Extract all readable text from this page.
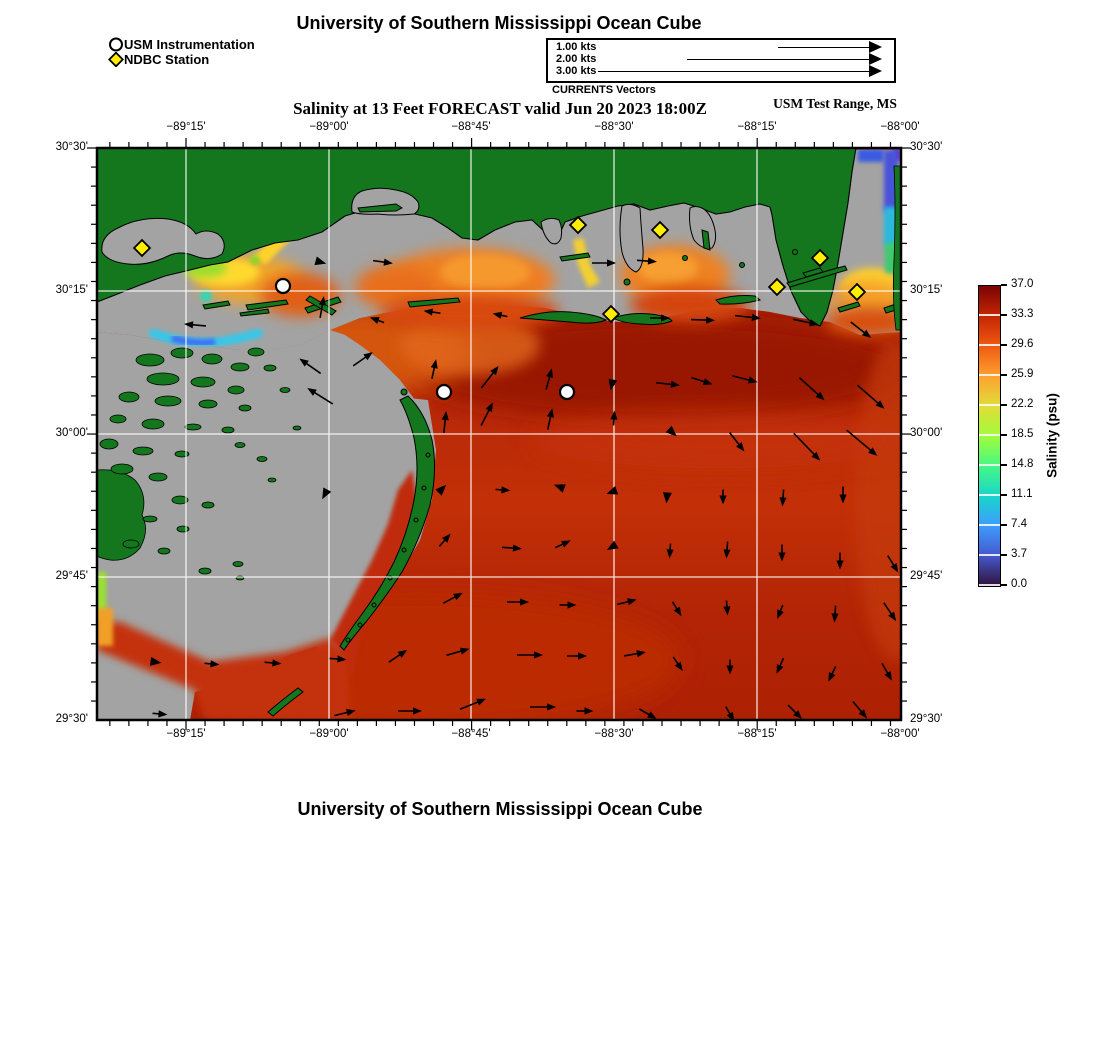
University of Southern Mississippi Ocean Cube
USM Instrumentation
NDBC Station
1.00 kts
2.00 kts
3.00 kts
CURRENTS Vectors
Salinity at 13 Feet FORECAST valid Jun 20 2023 18:00Z	USM Test Range, MS
−89°15'
−89°15'
−89°00'
−89°00'
−88°45'
−88°45'
−88°30'
−88°30'
−88°15'
−88°15'
−88°00'
−88°00'
30°30'	30°30'
30°15'	30°15'
30°00'	30°00'
29°45'	29°45'
29°30'	29°30'
37.0
33.3
29.6
25.9
22.2
18.5
14.8
11.1
7.4
3.7
0.0
Salinity (psu)
University of Southern Mississippi Ocean Cube
